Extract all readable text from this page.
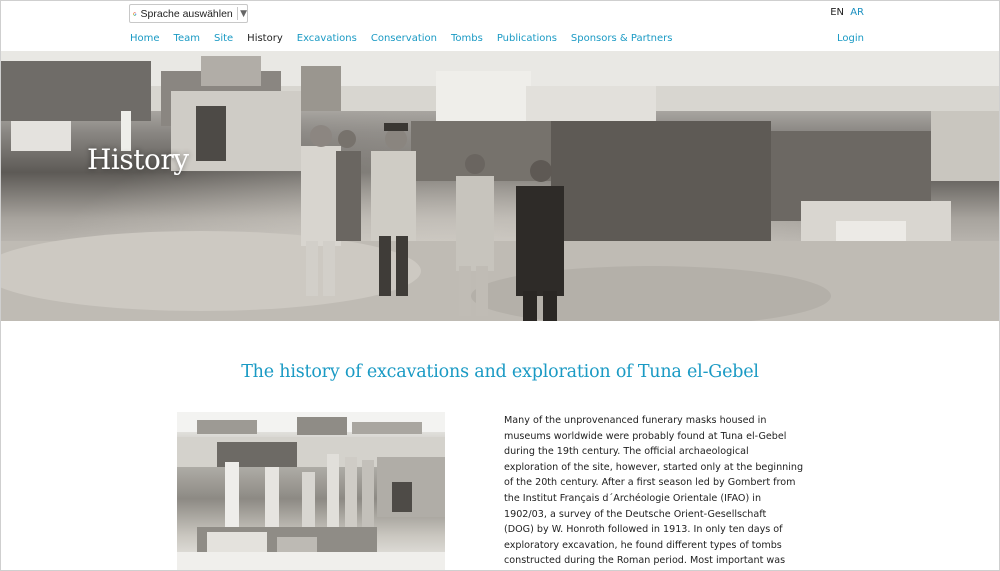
Sprache auswählen ▼	EN AR
Home Team Site History Excavations Conservation Tombs Publications Sponsors & Partners	Login
History
The history of excavations and exploration of Tuna el-Gebel

Many of the unprovenanced funerary masks housed in

museums worldwide were probably found at Tuna el-Gebel

during the 19th century. The official archaeological

exploration of the site, however, started only at the beginning

of the 20th century. After a first season led by Gombert from

the Institut Français d´Archéologie Orientale (IFAO) in

1902/03, a survey of the Deutsche Orient-Gesellschaft

(DOG) by W. Honroth followed in 1913. In only ten days of

exploratory excavation, he found different types of tombs

constructed during the Roman period. Most important was
